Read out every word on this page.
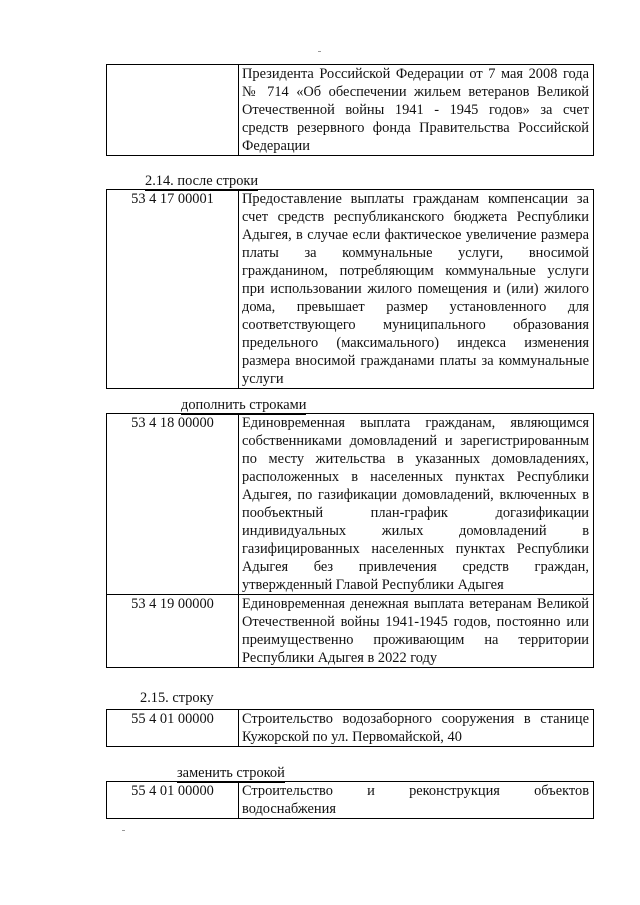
	Президента Российской Федерации от 7 мая 2008 года № 714 «Об обеспечении жильем ветеранов Великой Отечественной войны 1941 - 1945 годов» за счет средств резервного фонда Правительства Российской Федерации

2.14. после строки

53 4 17 00001	Предоставление выплаты гражданам компенсации за счет средств республиканского бюджета Республики Адыгея, в случае если фактическое увеличение размера платы за коммунальные услуги, вносимой гражданином, потребляющим коммунальные услуги при использовании жилого помещения и (или) жилого дома, превышает размер установленного для соответствующего муниципального образования предельного (максимального) индекса изменения размера вносимой гражданами платы за коммунальные услуги

дополнить строками

53 4 18 00000	Единовременная выплата гражданам, являющимся собственниками домовладений и зарегистрированным по месту жительства в указанных домовладениях, расположенных в населенных пунктах Республики Адыгея, по газификации домовладений, включенных в пообъектный план-график догазификации индивидуальных жилых домовладений в газифицированных населенных пунктах Республики Адыгея без привлечения средств граждан, утвержденный Главой Республики Адыгея
53 4 19 00000	Единовременная денежная выплата ветеранам Великой Отечественной войны 1941-1945 годов, постоянно или преимущественно проживающим на территории Республики Адыгея в 2022 году

2.15. строку

55 4 01 00000	Строительство водозаборного сооружения в станице Кужорской по ул. Первомайской, 40

заменить строкой

55 4 01 00000	Строительство и реконструкция объектов водоснабжения
